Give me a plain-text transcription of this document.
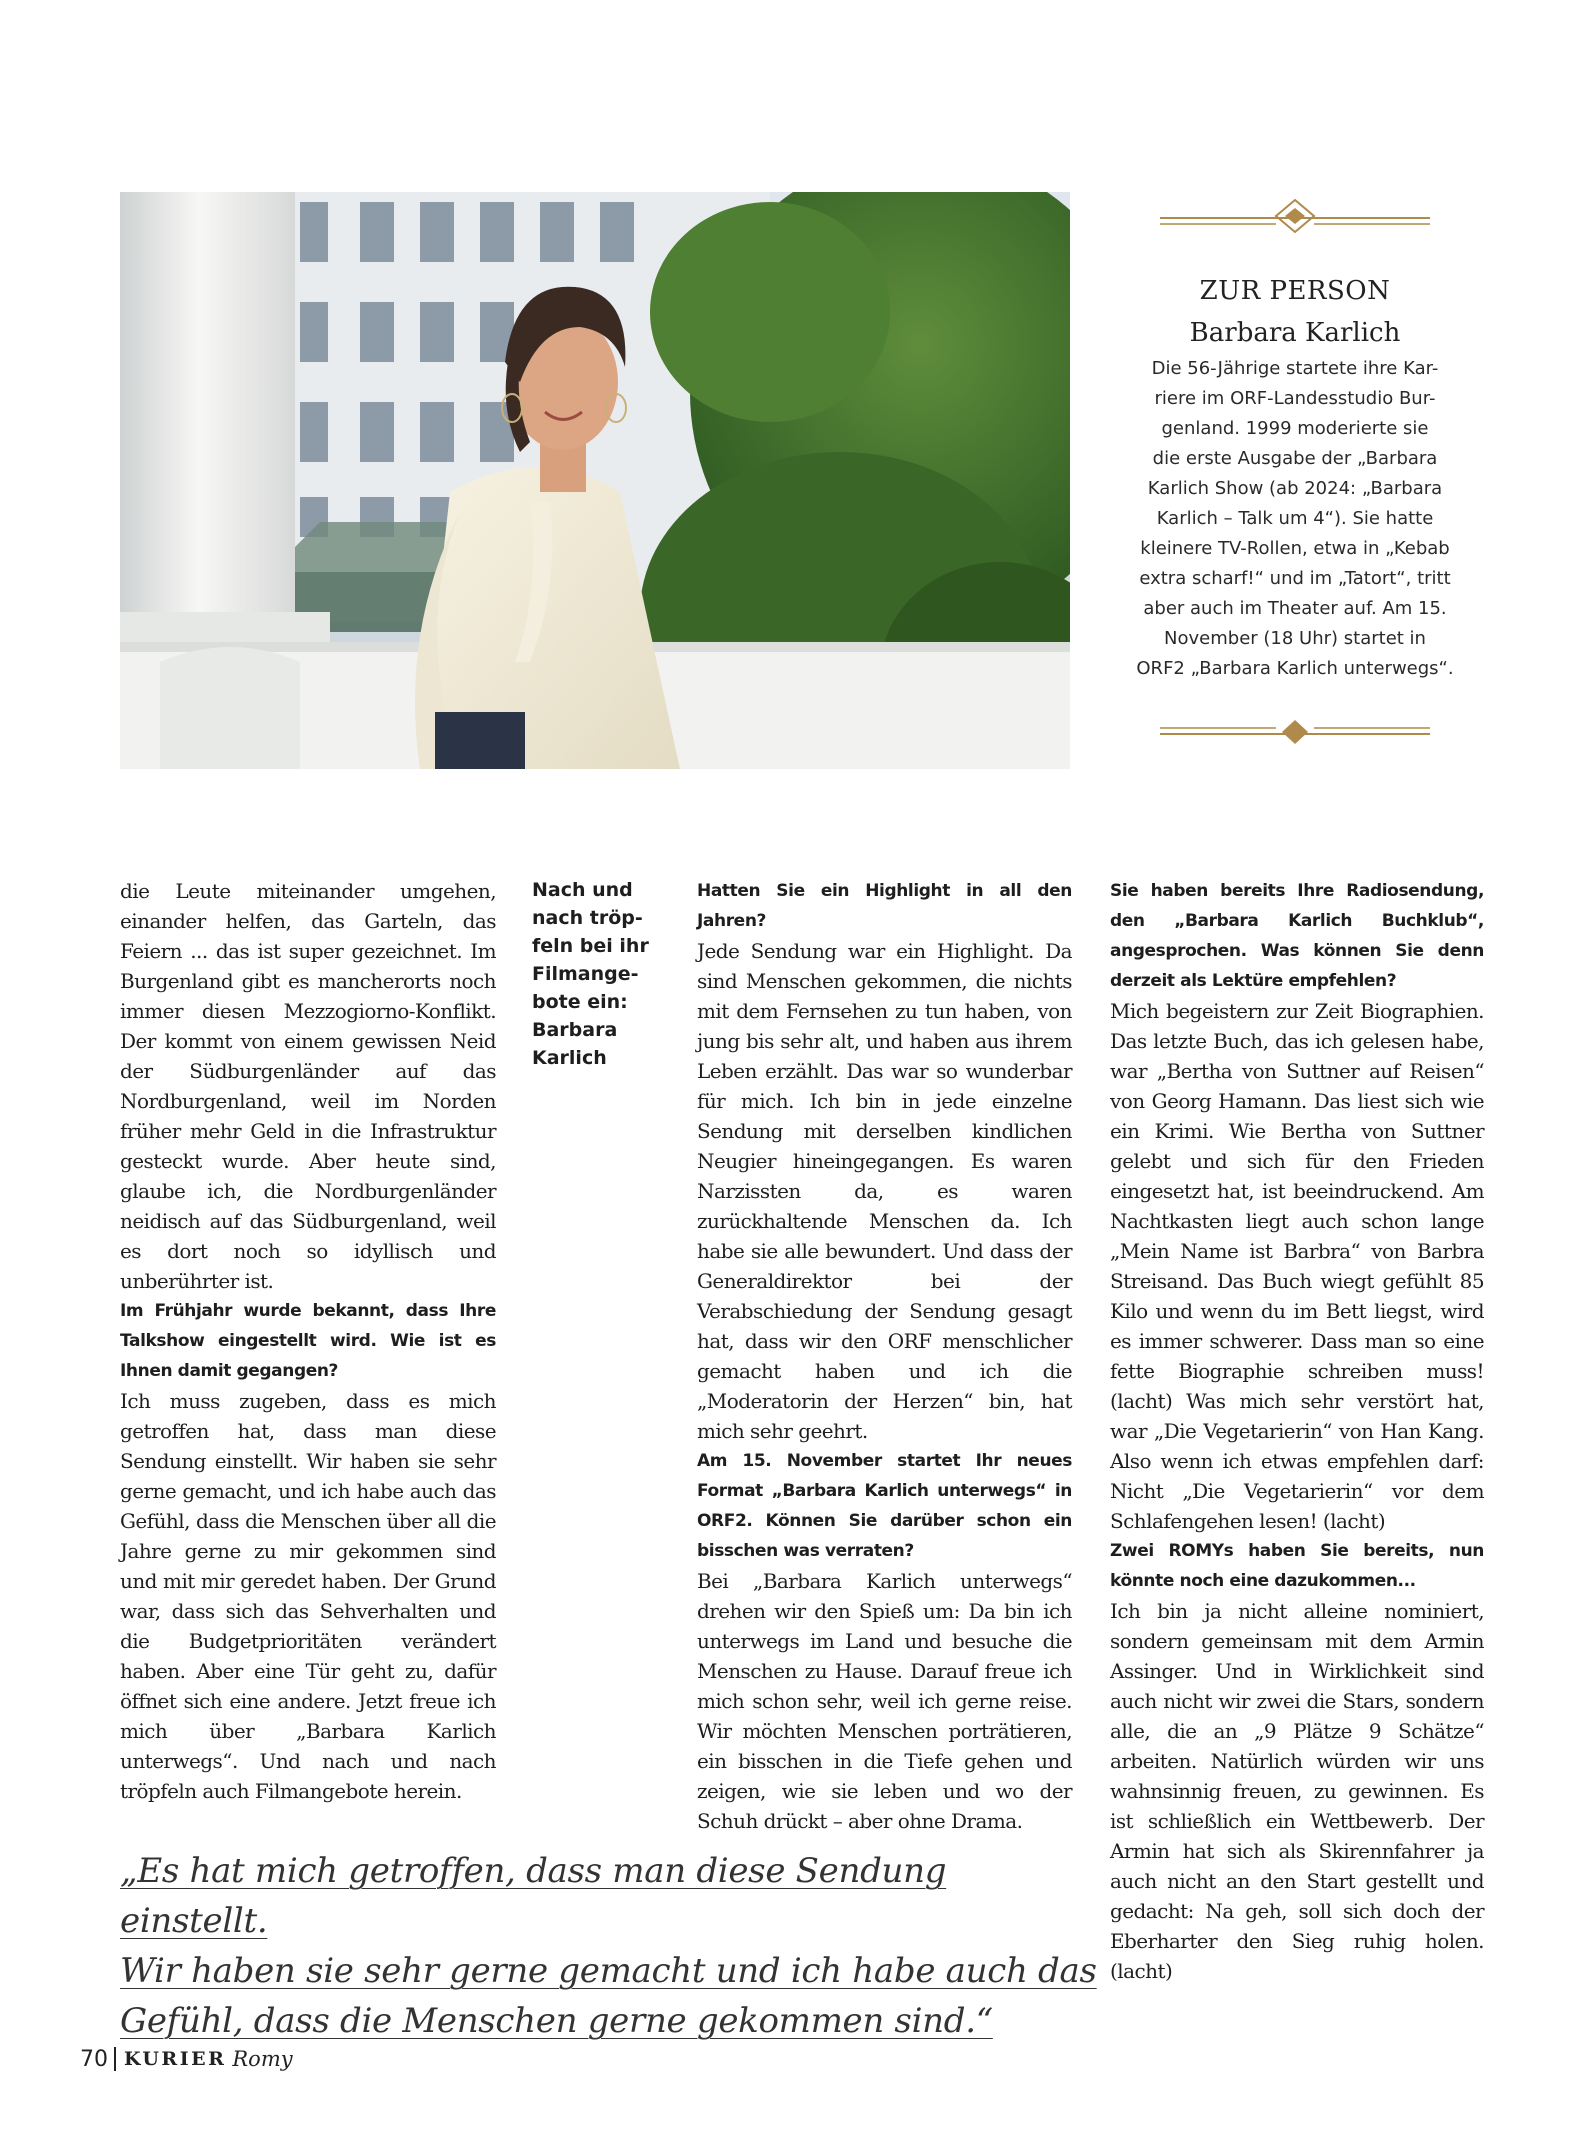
ZUR PERSON
Barbara Karlich
Die 56-Jährige startete ihre Kar-
riere im ORF-Landesstudio Bur-
genland. 1999 moderierte sie
die erste Ausgabe der „Barbara
Karlich Show (ab 2024: „Barbara
Karlich – Talk um 4“). Sie hatte
kleinere TV-Rollen, etwa in „Kebab
extra scharf!“ und im „Tatort“, tritt
aber auch im Theater auf. Am 15.
November (18 Uhr) startet in
ORF2 „Barbara Karlich unterwegs“.

die Leute miteinander umgehen, einander helfen, das Garteln, das Feiern ... das ist super gezeichnet. Im Burgenland gibt es mancherorts noch immer diesen Mezzogiorno-Konflikt. Der kommt von einem gewissen Neid der Südburgenländer auf das Nordburgenland, weil im Norden früher mehr Geld in die Infrastruktur gesteckt wurde. Aber heute sind, glaube ich, die Nordburgenländer neidisch auf das Südburgenland, weil es dort noch so idyllisch und unberührter ist.

Im Frühjahr wurde bekannt, dass Ihre Talkshow eingestellt wird. Wie ist es Ihnen damit gegangen?

Ich muss zugeben, dass es mich getroffen hat, dass man diese Sendung einstellt. Wir haben sie sehr gerne gemacht, und ich habe auch das Gefühl, dass die Menschen über all die Jahre gerne zu mir gekommen sind und mit mir geredet haben. Der Grund war, dass sich das Sehverhalten und die Budgetprioritäten verändert haben. Aber eine Tür geht zu, dafür öffnet sich eine andere. Jetzt freue ich mich über „Barbara Karlich unterwegs“. Und nach und nach tröpfeln auch Filmangebote herein.

Nach und nach tröp-feln bei ihr Filmange-bote ein: Barbara Karlich

Hatten Sie ein Highlight in all den Jahren?

Jede Sendung war ein Highlight. Da sind Menschen gekommen, die nichts mit dem Fernsehen zu tun haben, von jung bis sehr alt, und haben aus ihrem Leben erzählt. Das war so wunderbar für mich. Ich bin in jede einzelne Sendung mit derselben kindlichen Neugier hineingegangen. Es waren Narzissten da, es waren zurückhaltende Menschen da. Ich habe sie alle bewundert. Und dass der Generaldirektor bei der Verabschiedung der Sendung gesagt hat, dass wir den ORF menschlicher gemacht haben und ich die „Moderatorin der Herzen“ bin, hat mich sehr geehrt.

Am 15. November startet Ihr neues Format „Barbara Karlich unterwegs“ in ORF2. Können Sie darüber schon ein bisschen was verraten?

Bei „Barbara Karlich unterwegs“ drehen wir den Spieß um: Da bin ich unterwegs im Land und besuche die Menschen zu Hause. Darauf freue ich mich schon sehr, weil ich gerne reise. Wir möchten Menschen porträtieren, ein bisschen in die Tiefe gehen und zeigen, wie sie leben und wo der Schuh drückt – aber ohne Drama.

Sie haben bereits Ihre Radiosendung, den „Barbara Karlich Buchklub“, angesprochen. Was können Sie denn derzeit als Lektüre empfehlen?

Mich begeistern zur Zeit Biographien. Das letzte Buch, das ich gelesen habe, war „Bertha von Suttner auf Reisen“ von Georg Hamann. Das liest sich wie ein Krimi. Wie Bertha von Suttner gelebt und sich für den Frieden eingesetzt hat, ist beeindruckend. Am Nachtkasten liegt auch schon lange „Mein Name ist Barbra“ von Barbra Streisand. Das Buch wiegt gefühlt 85 Kilo und wenn du im Bett liegst, wird es immer schwerer. Dass man so eine fette Biographie schreiben muss! (lacht) Was mich sehr verstört hat, war „Die Vegetarierin“ von Han Kang. Also wenn ich etwas empfehlen darf: Nicht „Die Vegetarierin“ vor dem Schlafengehen lesen! (lacht)

Zwei ROMYs haben Sie bereits, nun könnte noch eine dazukommen...

Ich bin ja nicht alleine nominiert, sondern gemeinsam mit dem Armin Assinger. Und in Wirklichkeit sind auch nicht wir zwei die Stars, sondern alle, die an „9 Plätze 9 Schätze“ arbeiten. Natürlich würden wir uns wahnsinnig freuen, zu gewinnen. Es ist schließlich ein Wettbewerb. Der Armin hat sich als Skirennfahrer ja auch nicht an den Start gestellt und gedacht: Na geh, soll sich doch der Eberharter den Sieg ruhig holen. (lacht)

„Es hat mich getroffen, dass man diese Sendung einstellt.
Wir haben sie sehr gerne gemacht und ich habe auch das
Gefühl, dass die Menschen gerne gekommen sind.“
70 KURIER Romy
